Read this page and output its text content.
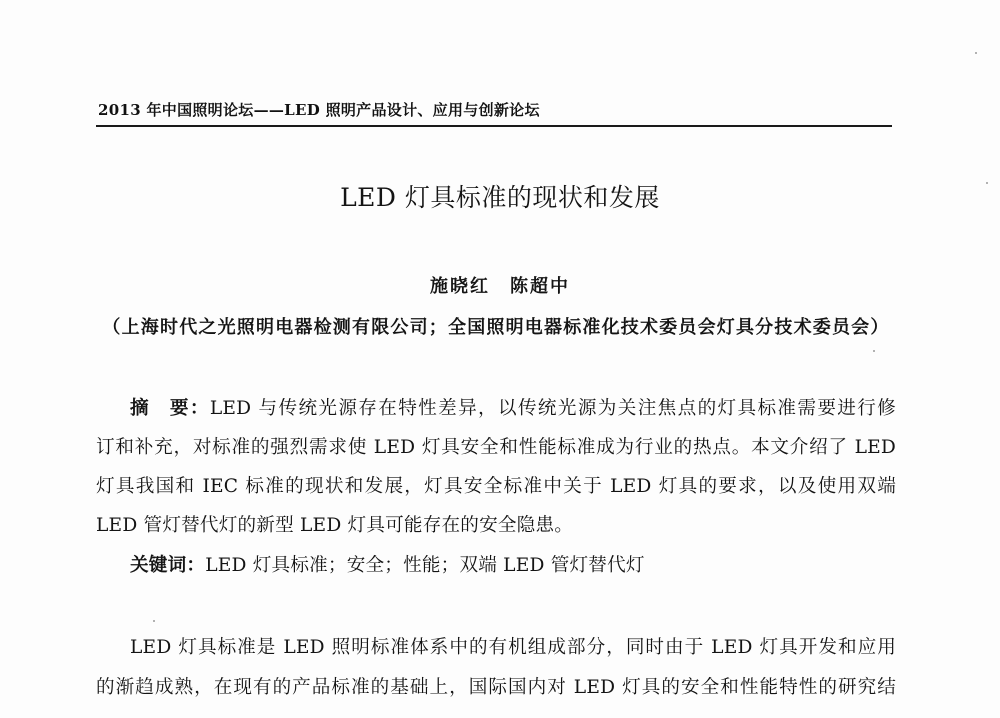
2013 年中国照明论坛——LED 照明产品设计、应用与创新论坛
LED 灯具标准的现状和发展
施晓红　陈超中
（上海时代之光照明电器检测有限公司；全国照明电器标准化技术委员会灯具分技术委员会）
摘　要：LED 与传统光源存在特性差异，以传统光源为关注焦点的灯具标准需要进行修
订和补充，对标准的强烈需求使 LED 灯具安全和性能标准成为行业的热点。本文介绍了 LED
灯具我国和 IEC 标准的现状和发展，灯具安全标准中关于 LED 灯具的要求，以及使用双端
LED 管灯替代灯的新型 LED 灯具可能存在的安全隐患。
关键词：LED 灯具标准；安全；性能；双端 LED 管灯替代灯
LED 灯具标准是 LED 照明标准体系中的有机组成部分，同时由于 LED 灯具开发和应用
的渐趋成熟，在现有的产品标准的基础上，国际国内对 LED 灯具的安全和性能特性的研究结
